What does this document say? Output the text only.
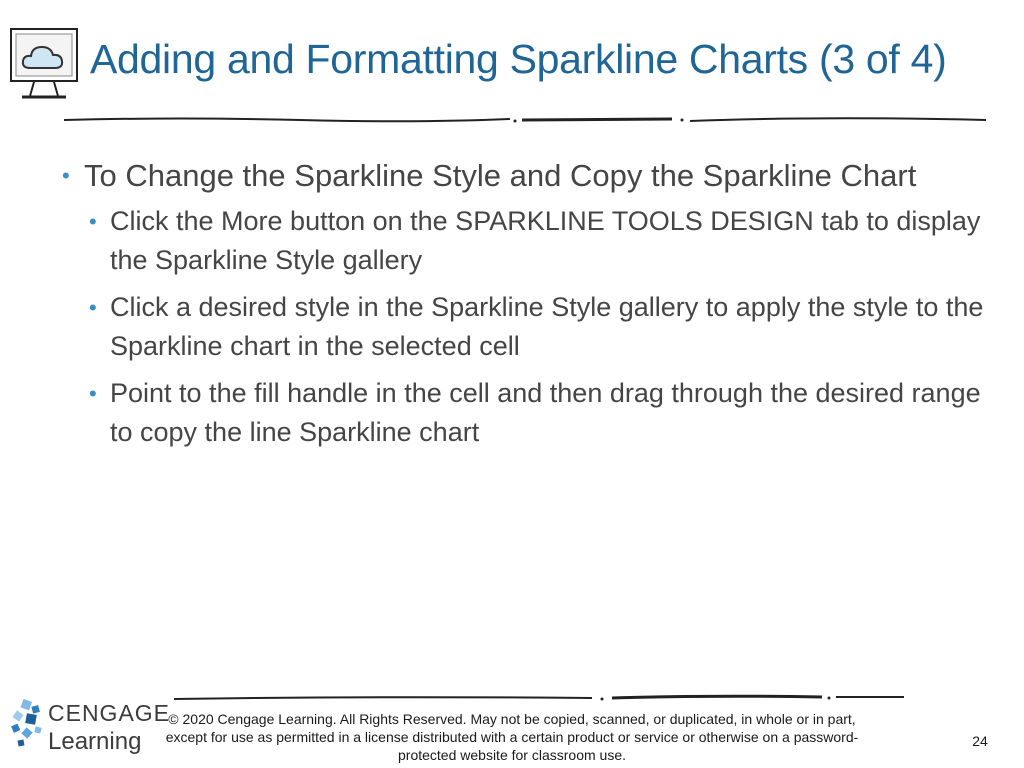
Adding and Formatting Sparkline Charts (3 of 4)
• To Change the Sparkline Style and Copy the Sparkline Chart
• Click the More button on the SPARKLINE TOOLS DESIGN tab to display the Sparkline Style gallery
• Click a desired style in the Sparkline Style gallery to apply the style to the Sparkline chart in the selected cell
• Point to the fill handle in the cell and then drag through the desired range to copy the line Sparkline chart
CENGAGE
Learning
© 2020 Cengage Learning. All Rights Reserved. May not be copied, scanned, or duplicated, in whole or in part, except for use as permitted in a license distributed with a certain product or service or otherwise on a password-protected website for classroom use.
24
